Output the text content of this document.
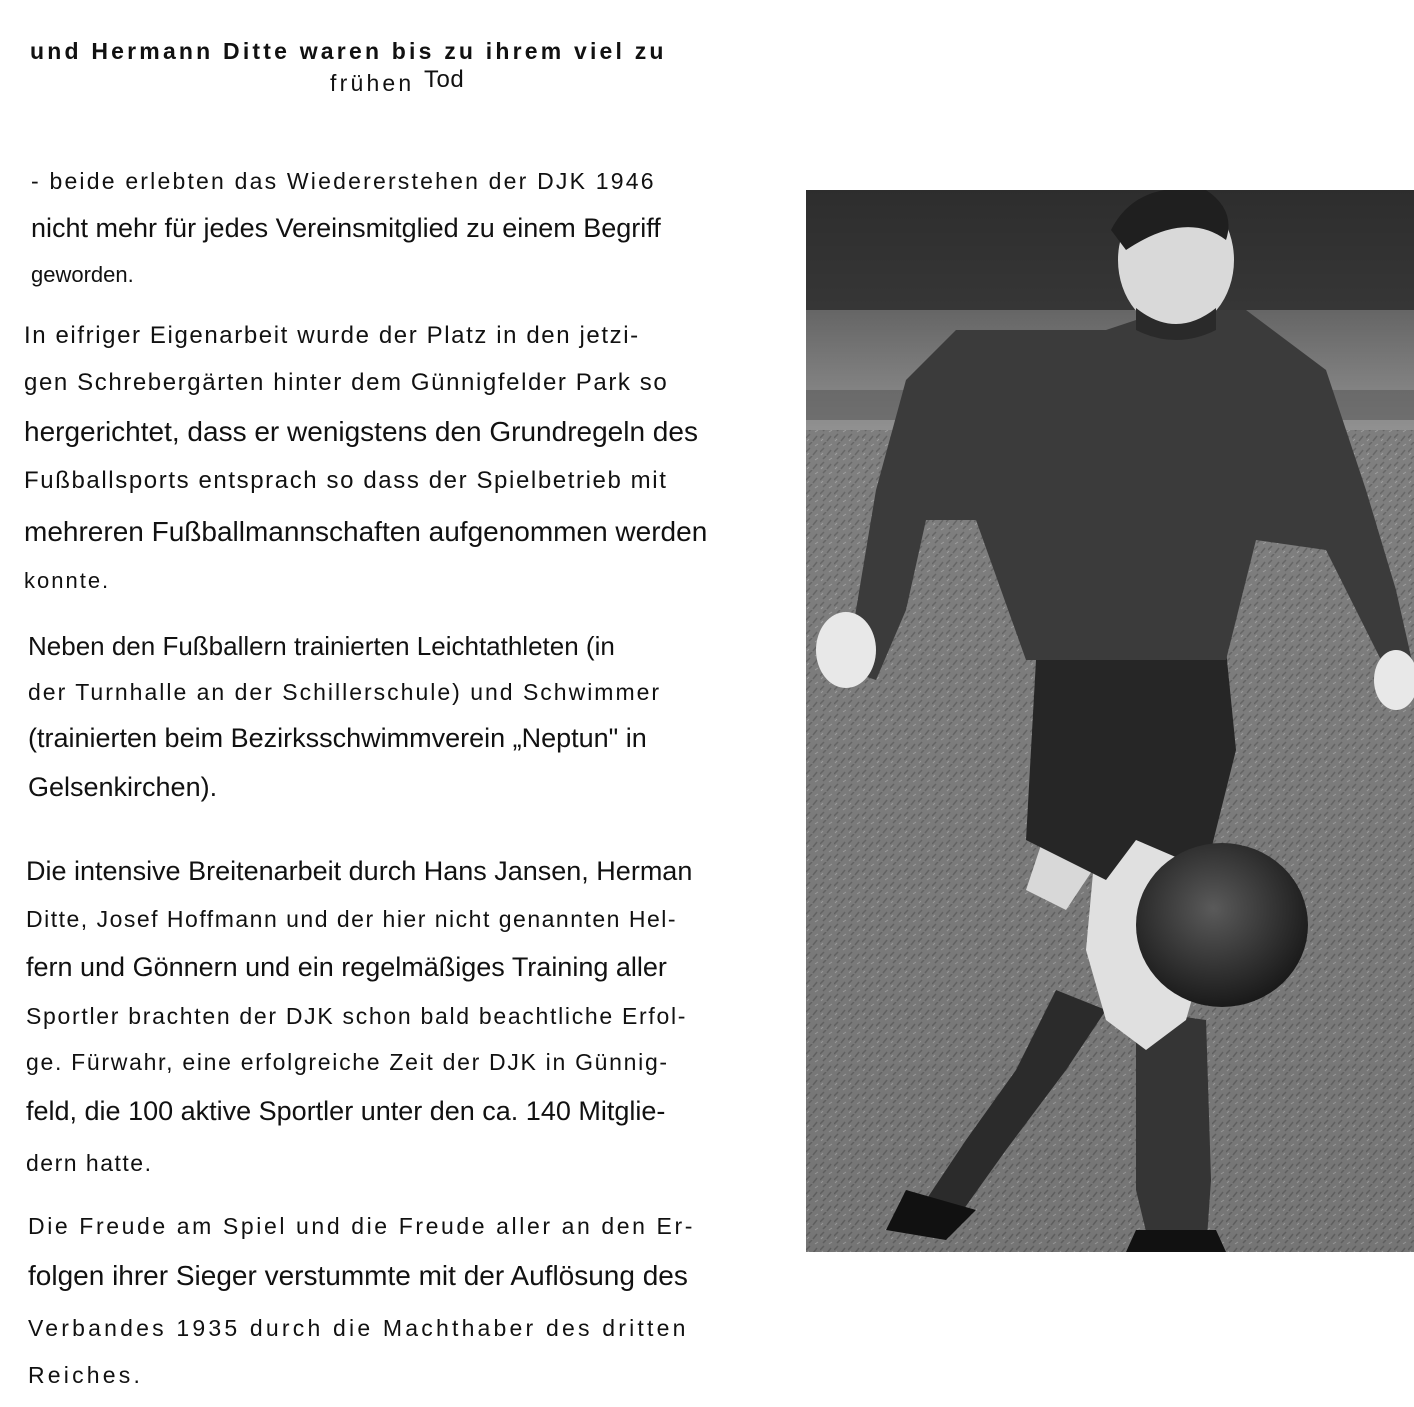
und Hermann Ditte waren bis zu ihrem viel zu

frühen Tod

- beide erlebten das Wiedererstehen der DJK 1946

nicht mehr für jedes Vereinsmitglied zu einem Begriff

geworden.

In eifriger Eigenarbeit wurde der Platz in den jetzi-

gen Schrebergärten hinter dem Günnigfelder Park so

hergerichtet, dass er wenigstens den Grundregeln des

Fußballsports entsprach so dass der Spielbetrieb mit

mehreren Fußballmannschaften aufgenommen werden

konnte.

Neben den Fußballern trainierten Leichtathleten (in

der Turnhalle an der Schillerschule) und Schwimmer

(trainierten beim Bezirksschwimmverein „Neptun" in

Gelsenkirchen).

Die intensive Breitenarbeit durch Hans Jansen, Herman

Ditte, Josef Hoffmann und der hier nicht genannten Hel-

fern und Gönnern und ein regelmäßiges Training aller

Sportler brachten der DJK schon bald beachtliche Erfol-

ge. Fürwahr, eine erfolgreiche Zeit der DJK in Günnig-

feld, die 100 aktive Sportler unter den ca. 140 Mitglie-

dern hatte.

Die Freude am Spiel und die Freude aller an den Er-

folgen ihrer Sieger verstummte mit der Auflösung des

Verbandes 1935 durch die Machthaber des dritten

Reiches.
